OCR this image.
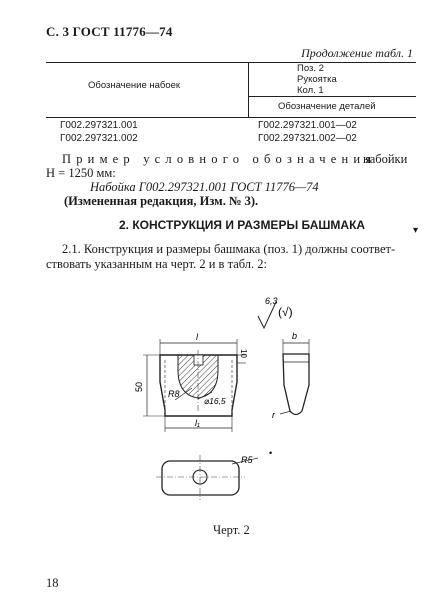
С. 3 ГОСТ 11776—74
Продолжение табл. 1
Обозначение набоек
Поз. 2
Рукоятка
Кол. 1
Обозначение деталей
Г002.297321.001	Г002.297321.001—02
Г002.297321.002	Г002.297321.002—02
Пример условного обозначения
набойки
H = 1250 мм:
Набойка Г002.297321.001 ГОСТ 11776—74
(Измененная редакция, Изм. № 3).
2. КОНСТРУКЦИЯ И РАЗМЕРЫ БАШМАКА
2.1. Конструкция и размеры башмака (поз. 1) должны соответ-
ствовать указанным на черт. 2 и в табл. 2:
▾
6,3
(√)
l
10
50
R8
⌀16,5
l₁
b
r
R5
•
Черт. 2
18
